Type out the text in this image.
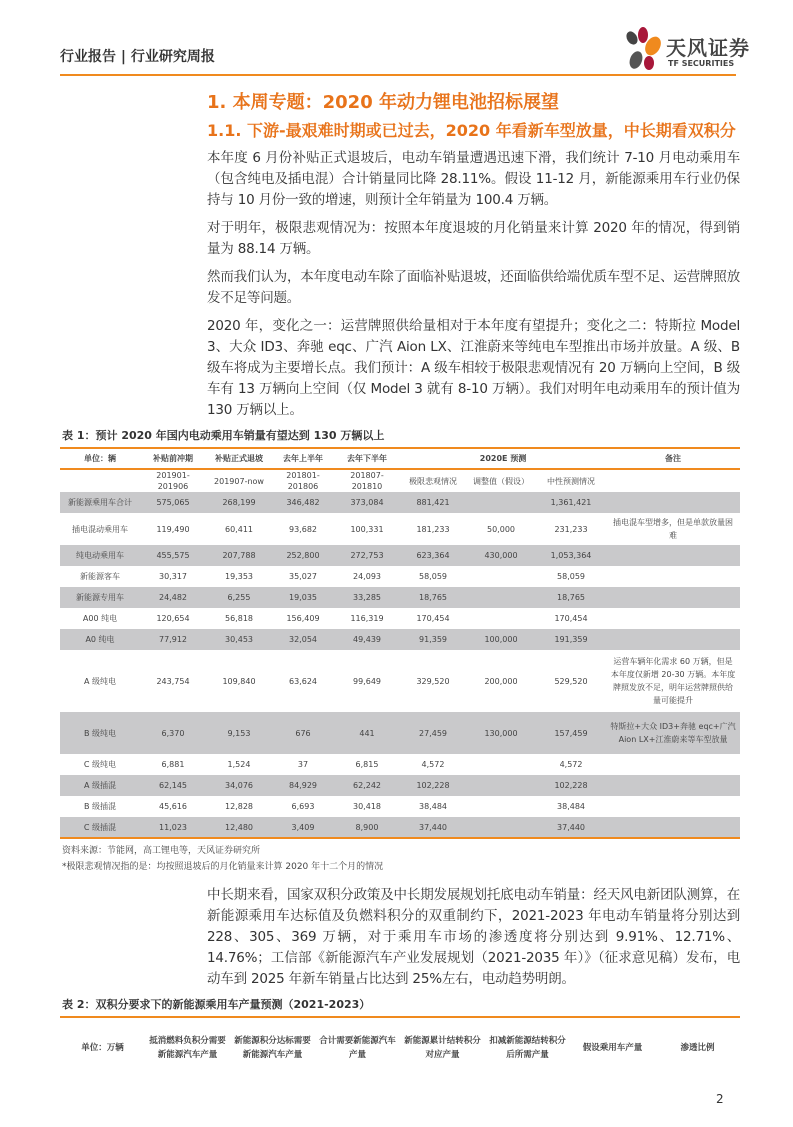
行业报告 | 行业研究周报	天风证券
TF SECURITIES
1. 本周专题：2020 年动力锂电池招标展望
1.1. 下游-最艰难时期或已过去，2020 年看新车型放量，中长期看双积分

本年度 6 月份补贴正式退坡后，电动车销量遭遇迅速下滑，我们统计 7-10 月电动乘用车（包含纯电及插电混）合计销量同比降 28.11%。假设 11-12 月，新能源乘用车行业仍保持与 10 月份一致的增速，则预计全年销量为 100.4 万辆。

对于明年，极限悲观情况为：按照本年度退坡的月化销量来计算 2020 年的情况，得到销量为 88.14 万辆。

然而我们认为，本年度电动车除了面临补贴退坡，还面临供给端优质车型不足、运营牌照放发不足等问题。

2020 年，变化之一：运营牌照供给量相对于本年度有望提升；变化之二：特斯拉 Model 3、大众 ID3、奔驰 eqc、广汽 Aion LX、江淮蔚来等纯电车型推出市场并放量。A 级、B 级车将成为主要增长点。我们预计：A 级车相较于极限悲观情况有 20 万辆向上空间，B 级车有 13 万辆向上空间（仅 Model 3 就有 8-10 万辆）。我们对明年电动乘用车的预计值为 130 万辆以上。

表 1：预计 2020 年国内电动乘用车销量有望达到 130 万辆以上
单位：辆	补贴前冲期	补贴正式退坡	去年上半年	去年下半年	2020E 预测			备注
	201901-201906	201907-now	201801-201806	201807-201810	极限悲观情况	调整值（假设）	中性预测情况	
新能源乘用车合计	575,065	268,199	346,482	373,084	881,421		1,361,421	
插电混动乘用车	119,490	60,411	93,682	100,331	181,233	50,000	231,233	插电混车型增多，但是单款放量困难
纯电动乘用车	455,575	207,788	252,800	272,753	623,364	430,000	1,053,364	
新能源客车	30,317	19,353	35,027	24,093	58,059		58,059	
新能源专用车	24,482	6,255	19,035	33,285	18,765		18,765	
A00 纯电	120,654	56,818	156,409	116,319	170,454		170,454	
A0 纯电	77,912	30,453	32,054	49,439	91,359	100,000	191,359	
A 级纯电	243,754	109,840	63,624	99,649	329,520	200,000	529,520	运营车辆年化需求 60 万辆，但是本年度仅新增 20-30 万辆。本年度牌照发放不足，明年运营牌照供给量可能提升
B 级纯电	6,370	9,153	676	441	27,459	130,000	157,459	特斯拉+大众 ID3+奔驰 eqc+广汽 Aion LX+江淮蔚来等车型放量
C 级纯电	6,881	1,524	37	6,815	4,572		4,572	
A 级插混	62,145	34,076	84,929	62,242	102,228		102,228	
B 级插混	45,616	12,828	6,693	30,418	38,484		38,484	
C 级插混	11,023	12,480	3,409	8,900	37,440		37,440	
资料来源：节能网，高工锂电等，天风证券研究所
*极限悲观情况指的是：均按照退坡后的月化销量来计算 2020 年十二个月的情况

中长期来看，国家双积分政策及中长期发展规划托底电动车销量：经天风电新团队测算，在新能源乘用车达标值及负燃料积分的双重制约下，2021-2023 年电动车销量将分别达到 228、305、369 万辆，对于乘用车市场的渗透度将分别达到 9.91%、12.71%、14.76%；工信部《新能源汽车产业发展规划（2021-2035 年）》（征求意见稿）发布，电动车到 2025 年新车销量占比达到 25%左右，电动趋势明朗。

表 2：双积分要求下的新能源乘用车产量预测（2021-2023）
单位：万辆	抵消燃料负积分需要新能源汽车产量	新能源积分达标需要新能源汽车产量	合计需要新能源汽车产量	新能源累计结转积分对应产量	扣减新能源结转积分后所需产量	假设乘用车产量	渗透比例
2
